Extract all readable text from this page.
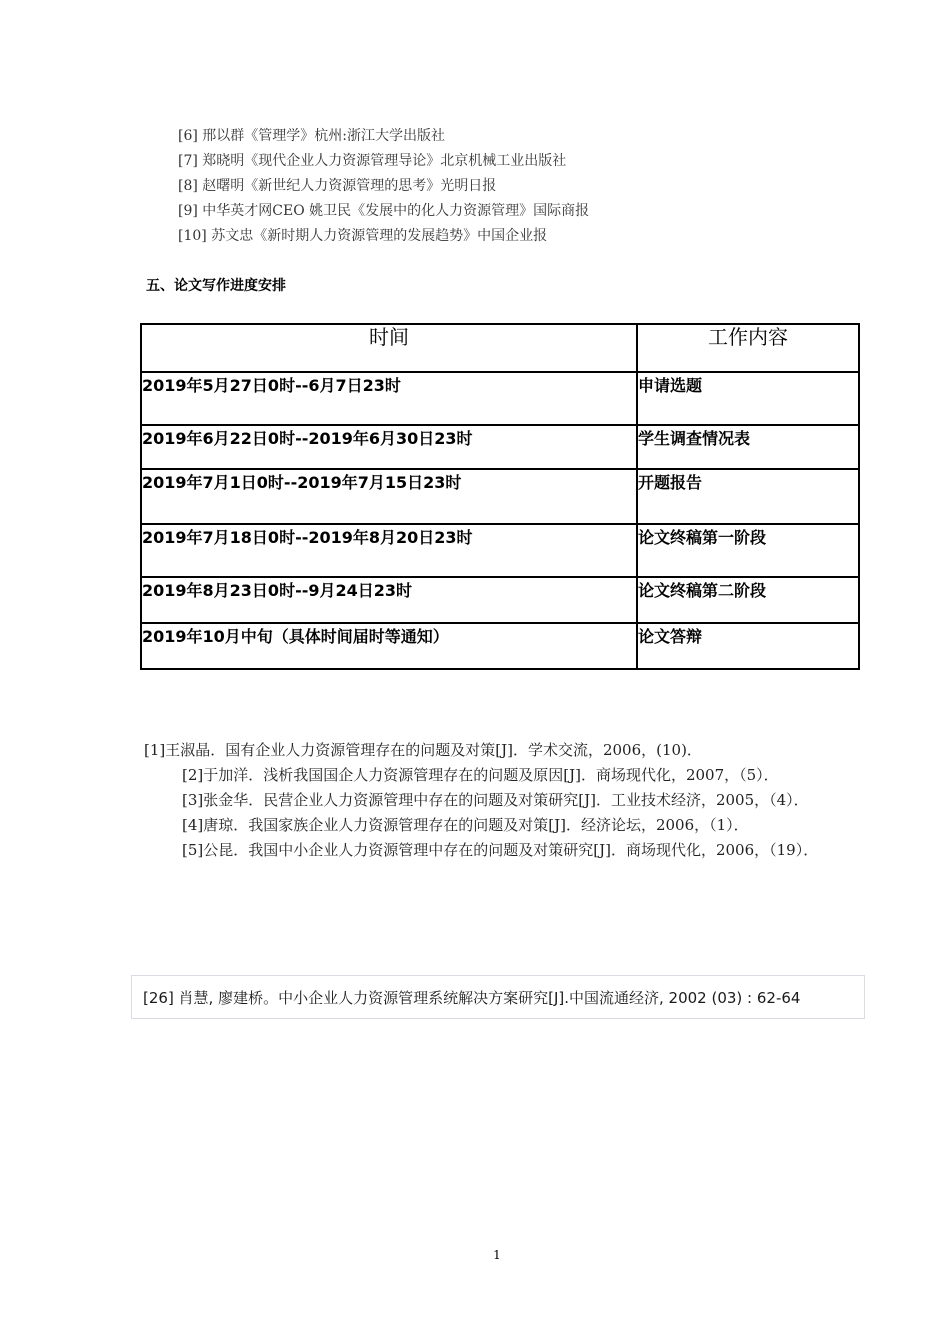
[6] 邢以群《管理学》杭州:浙江大学出版社
[7] 郑晓明《现代企业人力资源管理导论》北京机械工业出版社
[8] 赵曙明《新世纪人力资源管理的思考》光明日报
[9] 中华英才网CEO 姚卫民《发展中的化人力资源管理》国际商报
[10] 苏文忠《新时期人力资源管理的发展趋势》中国企业报
五、论文写作进度安排
时间	工作内容
2019年5月27日0时--6月7日23时	申请选题
2019年6月22日0时--2019年6月30日23时	学生调查情况表
2019年7月1日0时--2019年7月15日23时	开题报告
2019年7月18日0时--2019年8月20日23时	论文终稿第一阶段
2019年8月23日0时--9月24日23时	论文终稿第二阶段
2019年10月中旬（具体时间届时等通知）	论文答辩

[1]王淑晶．国有企业人力资源管理存在的问题及对策[J]．学术交流，2006，(10)．

[2]于加洋．浅析我国国企人力资源管理存在的问题及原因[J]．商场现代化，2007，（5）．

[3]张金华．民营企业人力资源管理中存在的问题及对策研究[J]．工业技术经济，2005，（4）．

[4]唐琼．我国家族企业人力资源管理存在的问题及对策[J]．经济论坛，2006，（1）．

[5]公昆．我国中小企业人力资源管理中存在的问题及对策研究[J]．商场现代化，2006，（19）．

[26] 肖慧, 廖建桥。中小企业人力资源管理系统解决方案研究[J].中国流通经济, 2002 (03) : 62-64
1
